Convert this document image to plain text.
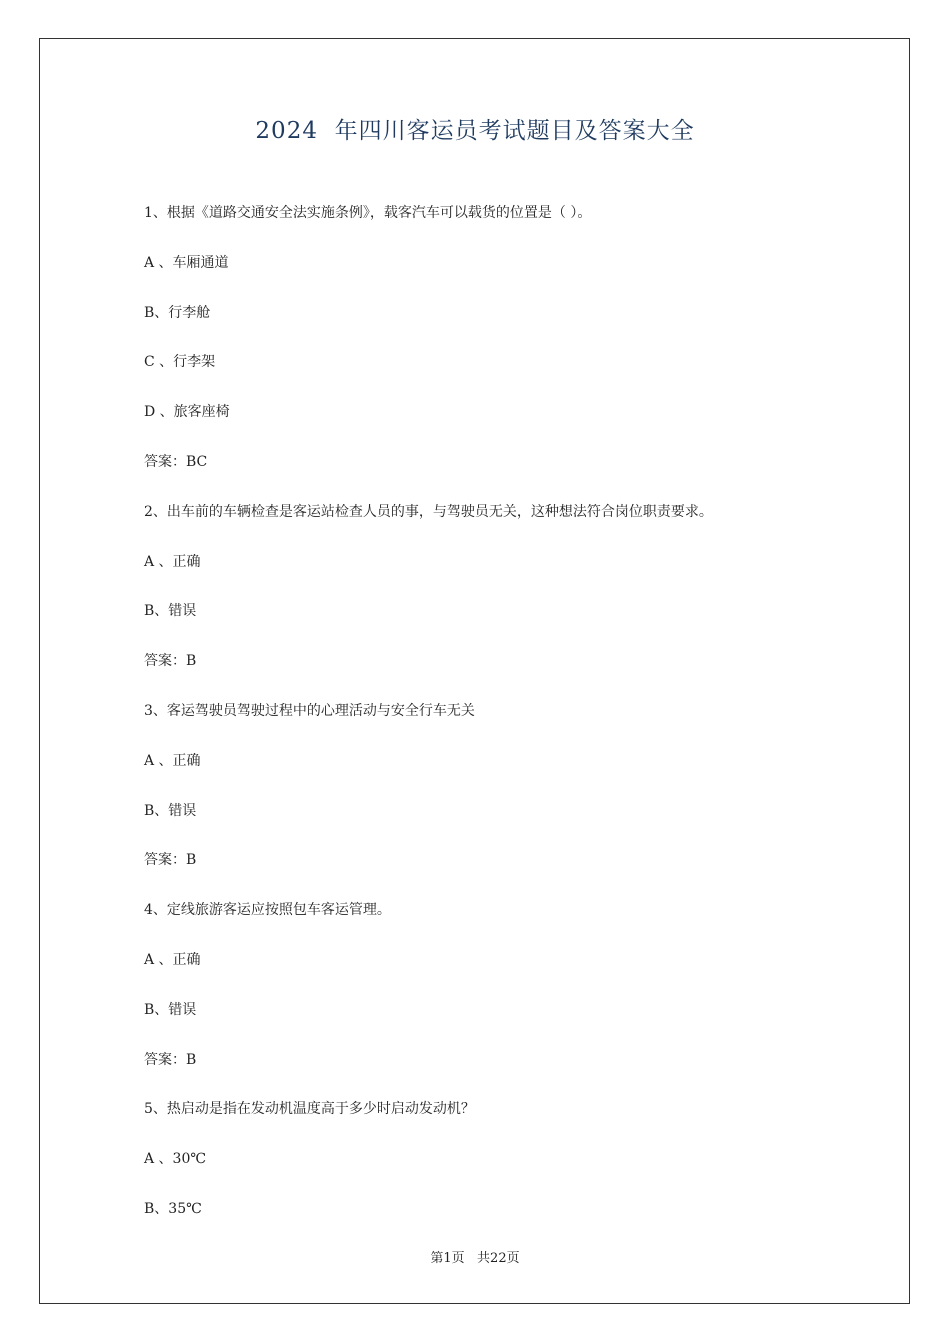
2024  年四川客运员考试题目及答案大全
1、根据《道路交通安全法实施条例》，载客汽车可以载货的位置是（ ）。
A 、车厢通道
B、行李舱
C 、行李架
D 、旅客座椅
答案：BC
2、出车前的车辆检查是客运站检查人员的事，与驾驶员无关，这种想法符合岗位职责要求。
A 、正确
B、错误
答案：B
3、客运驾驶员驾驶过程中的心理活动与安全行车无关
A 、正确
B、错误
答案：B
4、定线旅游客运应按照包车客运管理。
A 、正确
B、错误
答案：B
5、热启动是指在发动机温度高于多少时启动发动机？
A 、30℃
B、35℃
第1页   共22页
